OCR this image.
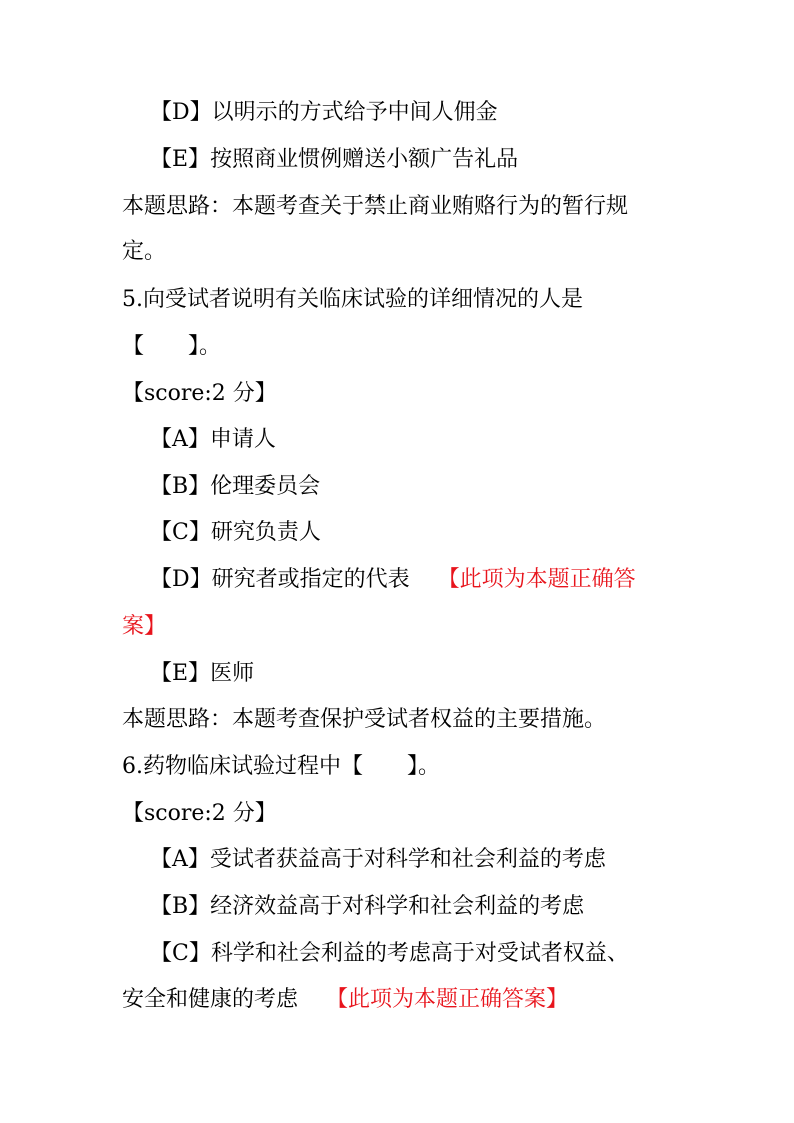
【D】以明示的方式给予中间人佣金
【E】按照商业惯例赠送小额广告礼品
本题思路：本题考查关于禁止商业贿赂行为的暂行规
定。
5.向受试者说明有关临床试验的详细情况的人是
【　　】。
【score:2 分】
【A】申请人
【B】伦理委员会
【C】研究负责人
【D】研究者或指定的代表 【此项为本题正确答
案】
【E】医师
本题思路：本题考查保护受试者权益的主要措施。
6.药物临床试验过程中【　　】。
【score:2 分】
【A】受试者获益高于对科学和社会利益的考虑
【B】经济效益高于对科学和社会利益的考虑
【C】科学和社会利益的考虑高于对受试者权益、
安全和健康的考虑 【此项为本题正确答案】
